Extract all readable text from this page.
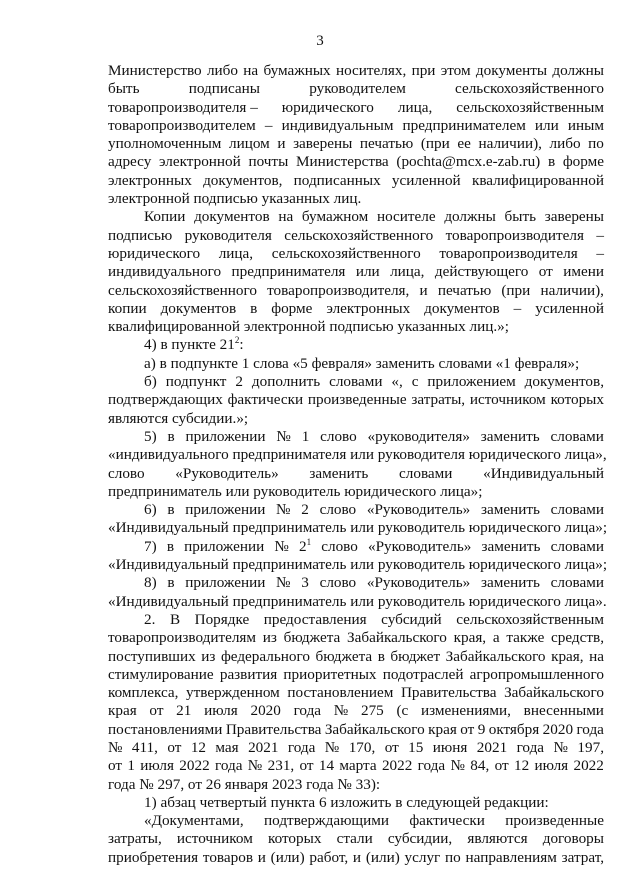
3
Министерство либо на бумажных носителях, при этом документы должны
быть	подписаны	руководителем	сельскохозяйственного
товаропроизводителя – юридического лица, сельскохозяйственным
товаропроизводителем – индивидуальным предпринимателем или иным
уполномоченным лицом и заверены печатью (при ее наличии), либо по
адресу электронной почты Министерства (pochta@mcx.e-zab.ru) в форме
электронных документов, подписанных усиленной квалифицированной
электронной подписью указанных лиц.
Копии документов на бумажном носителе должны быть заверены
подписью руководителя сельскохозяйственного товаропроизводителя –
юридического лица, сельскохозяйственного товаропроизводителя –
индивидуального предпринимателя или лица, действующего от имени
сельскохозяйственного товаропроизводителя, и печатью (при наличии),
копии документов в форме электронных документов – усиленной
квалифицированной электронной подписью указанных лиц.»;
4) в пункте $21^2$:
а) в подпункте 1 слова «5 февраля» заменить словами «1 февраля»;
б) подпункт 2 дополнить словами «, с приложением документов,
подтверждающих фактически произведенные затраты, источником которых
являются субсидии.»;
5) в приложении № 1 слово «руководителя» заменить словами
«индивидуального предпринимателя или руководителя юридического лица»,
слово «Руководитель» заменить словами «Индивидуальный
предприниматель или руководитель юридического лица»;
6) в приложении № 2 слово «Руководитель» заменить словами
«Индивидуальный предприниматель или руководитель юридического лица»;
7) в приложении № $2^1$ слово «Руководитель» заменить словами
«Индивидуальный предприниматель или руководитель юридического лица»;
8) в приложении № 3 слово «Руководитель» заменить словами
«Индивидуальный предприниматель или руководитель юридического лица».
2. В Порядке предоставления субсидий сельскохозяйственным
товаропроизводителям из бюджета Забайкальского края, а также средств,
поступивших из федерального бюджета в бюджет Забайкальского края, на
стимулирование развития приоритетных подотраслей агропромышленного
комплекса, утвержденном постановлением Правительства Забайкальского
края от 21 июля 2020 года № 275 (с изменениями, внесенными
постановлениями Правительства Забайкальского края от 9 октября 2020 года
№ 411, от 12 мая 2021 года № 170, от 15 июня 2021 года № 197,
от 1 июля 2022 года № 231, от 14 марта 2022 года № 84, от 12 июля 2022
года № 297, от 26 января 2023 года № 33):
1) абзац четвертый пункта 6 изложить в следующей редакции:
«Документами, подтверждающими фактически произведенные
затраты, источником которых стали субсидии, являются договоры
приобретения товаров и (или) работ, и (или) услуг по направлениям затрат,
